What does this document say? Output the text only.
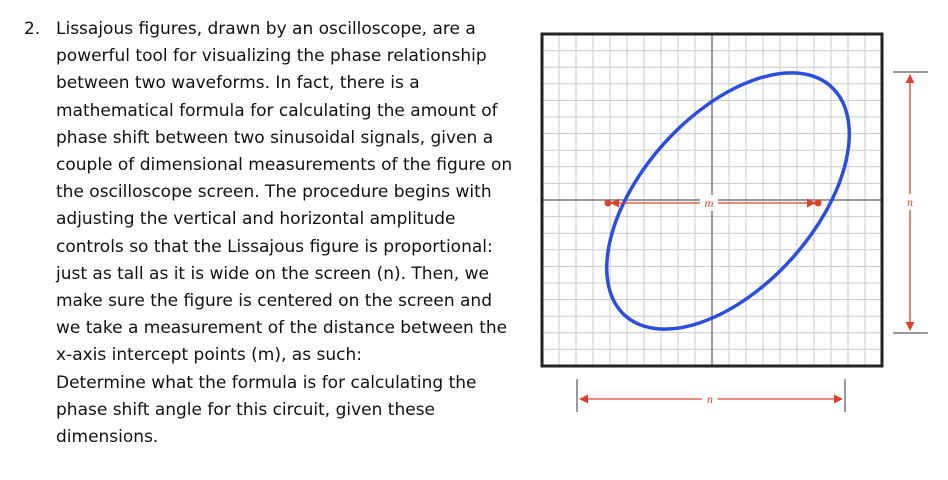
2. Lissajous figures, drawn by an oscilloscope, are a powerful tool for visualizing the phase relationship between two waveforms. In fact, there is a mathematical formula for calculating the amount of phase shift between two sinusoidal signals, given a couple of dimensional measurements of the figure on the oscilloscope screen. The procedure begins with adjusting the vertical and horizontal amplitude controls so that the Lissajous figure is proportional: just as tall as it is wide on the screen (n). Then, we make sure the figure is centered on the screen and we take a measurement of the distance between the x-axis intercept points (m), as such:

Determine what the formula is for calculating the phase shift angle for this circuit, given these dimensions.

m	n
n
